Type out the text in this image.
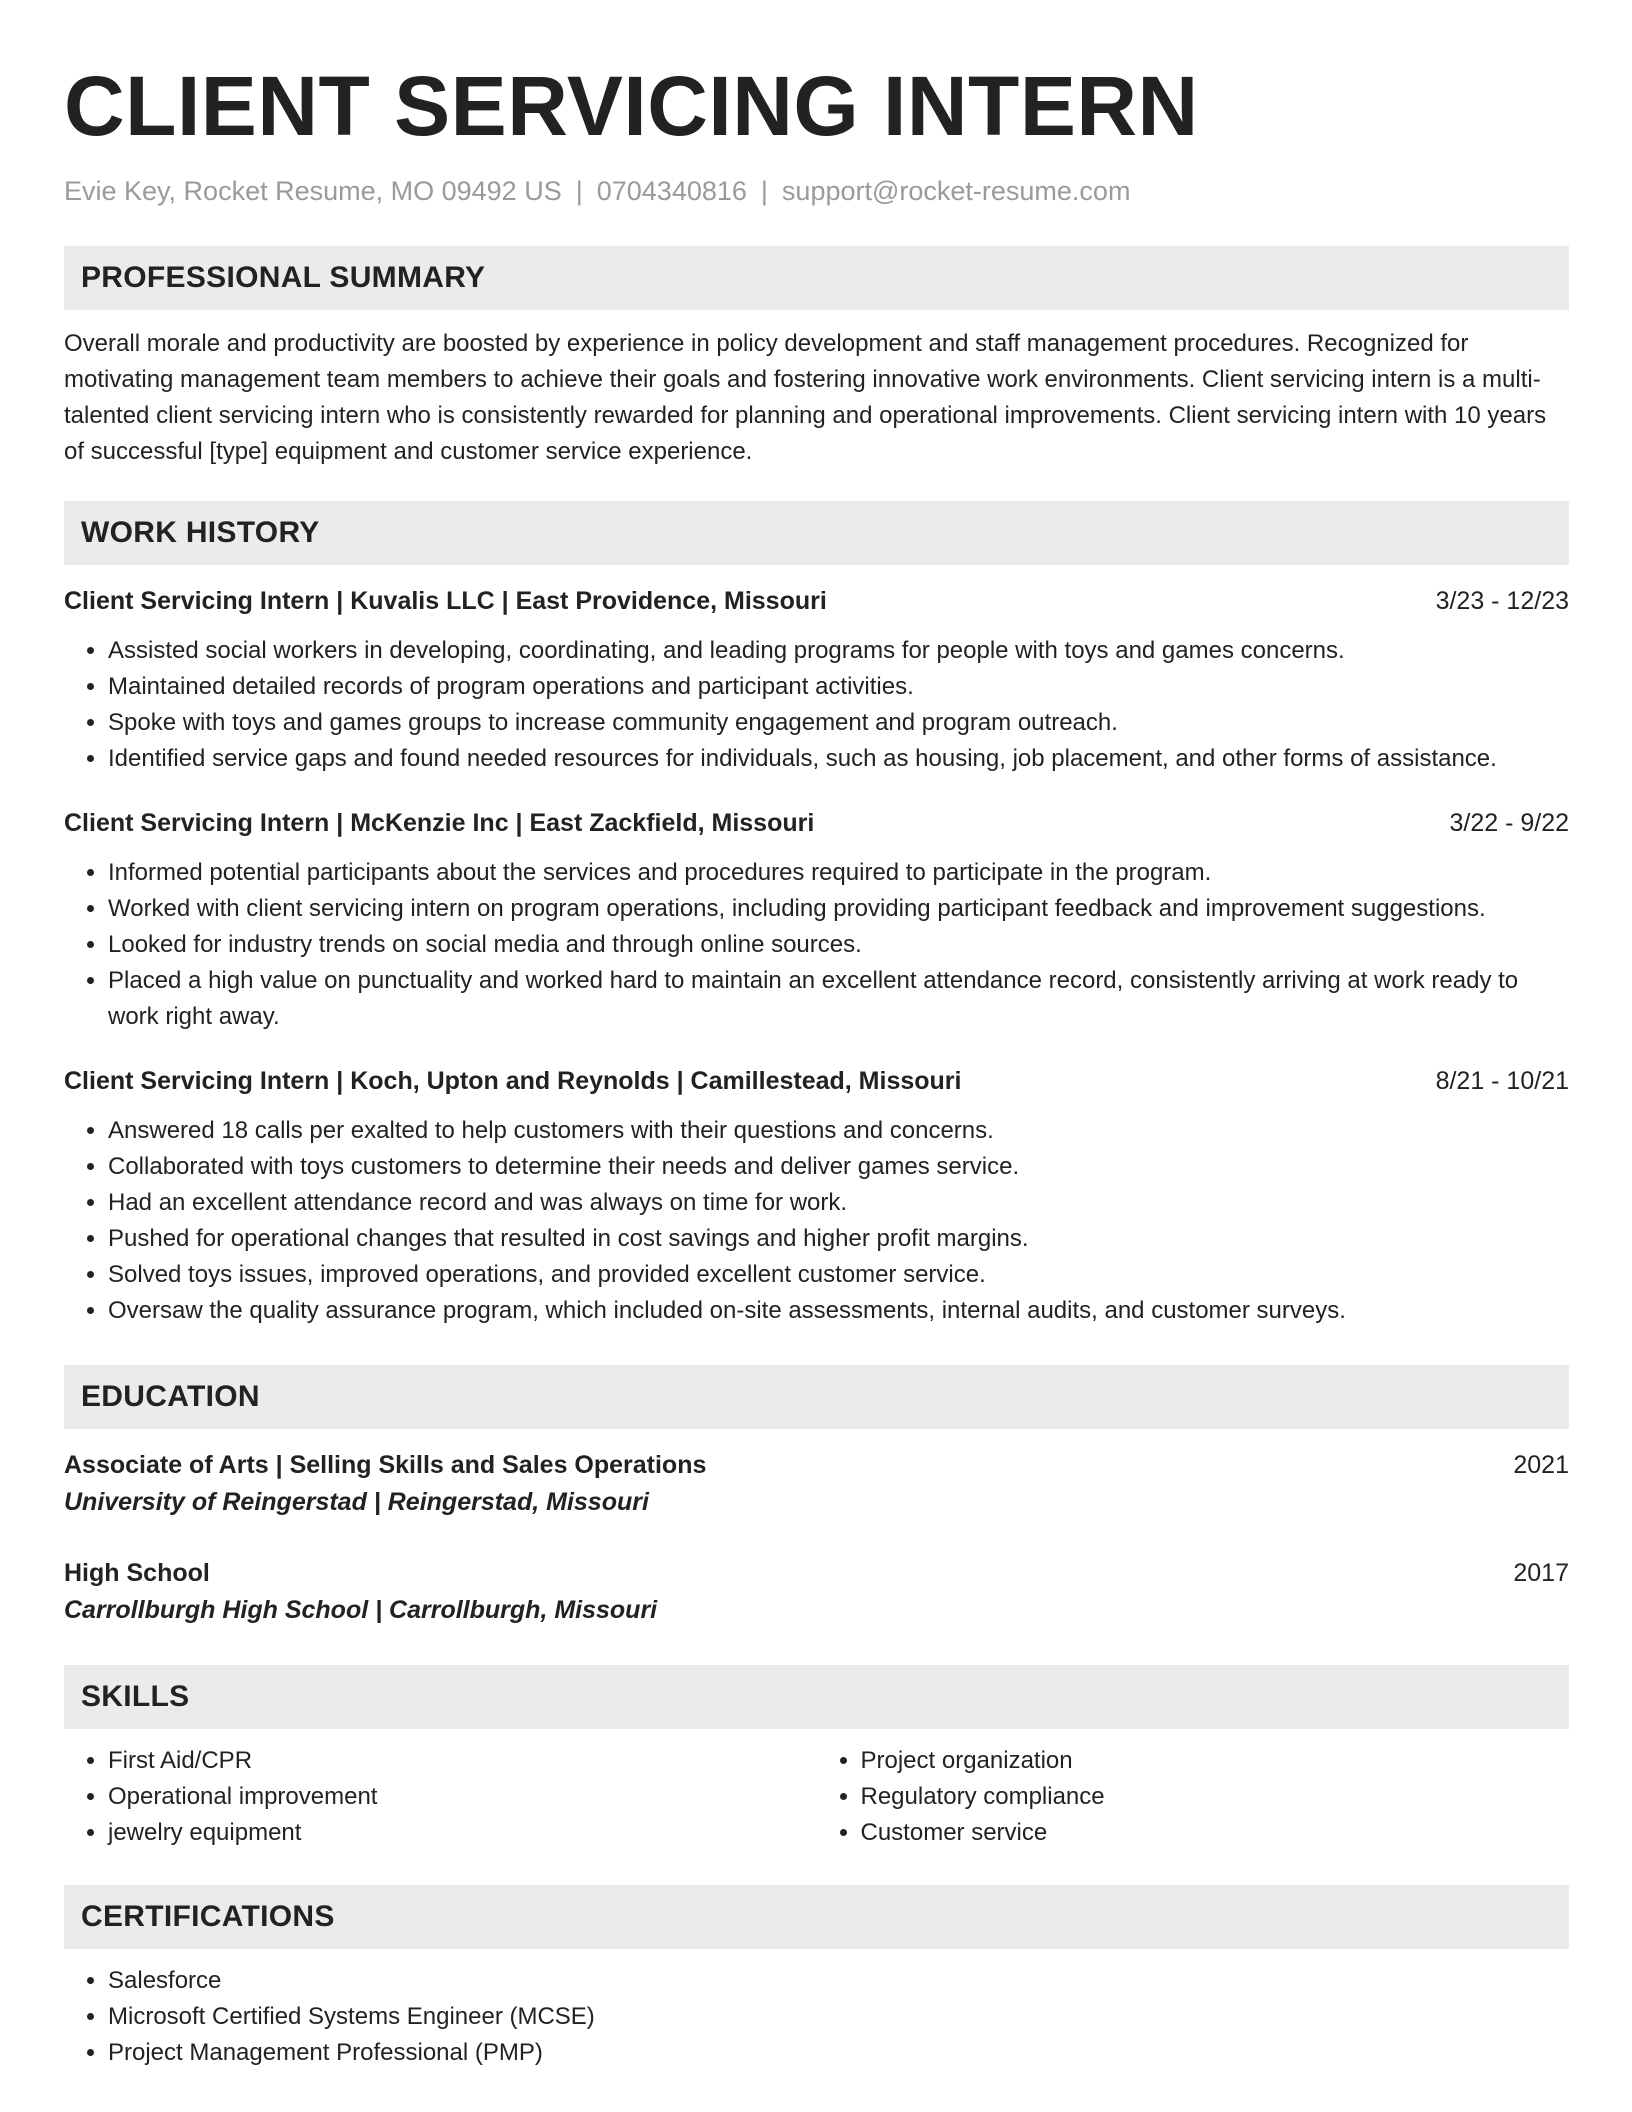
CLIENT SERVICING INTERN
Evie Key, Rocket Resume, MO 09492 US | 0704340816 | support@rocket-resume.com
PROFESSIONAL SUMMARY
Overall morale and productivity are boosted by experience in policy development and staff management procedures. Recognized for motivating management team members to achieve their goals and fostering innovative work environments. Client servicing intern is a multi-talented client servicing intern who is consistently rewarded for planning and operational improvements. Client servicing intern with 10 years of successful [type] equipment and customer service experience.
WORK HISTORY
Client Servicing Intern | Kuvalis LLC | East Providence, Missouri	3/23 - 12/23
• Assisted social workers in developing, coordinating, and leading programs for people with toys and games concerns.
• Maintained detailed records of program operations and participant activities.
• Spoke with toys and games groups to increase community engagement and program outreach.
• Identified service gaps and found needed resources for individuals, such as housing, job placement, and other forms of assistance.
Client Servicing Intern | McKenzie Inc | East Zackfield, Missouri	3/22 - 9/22
• Informed potential participants about the services and procedures required to participate in the program.
• Worked with client servicing intern on program operations, including providing participant feedback and improvement suggestions.
• Looked for industry trends on social media and through online sources.
• Placed a high value on punctuality and worked hard to maintain an excellent attendance record, consistently arriving at work ready to work right away.
Client Servicing Intern | Koch, Upton and Reynolds | Camillestead, Missouri	8/21 - 10/21
• Answered 18 calls per exalted to help customers with their questions and concerns.
• Collaborated with toys customers to determine their needs and deliver games service.
• Had an excellent attendance record and was always on time for work.
• Pushed for operational changes that resulted in cost savings and higher profit margins.
• Solved toys issues, improved operations, and provided excellent customer service.
• Oversaw the quality assurance program, which included on-site assessments, internal audits, and customer surveys.
EDUCATION
Associate of Arts | Selling Skills and Sales Operations	2021
University of Reingerstad | Reingerstad, Missouri
High School	2017
Carrollburgh High School | Carrollburgh, Missouri
SKILLS
• First Aid/CPR
• Operational improvement
• jewelry equipment
• Project organization
• Regulatory compliance
• Customer service
CERTIFICATIONS
• Salesforce
• Microsoft Certified Systems Engineer (MCSE)
• Project Management Professional (PMP)
